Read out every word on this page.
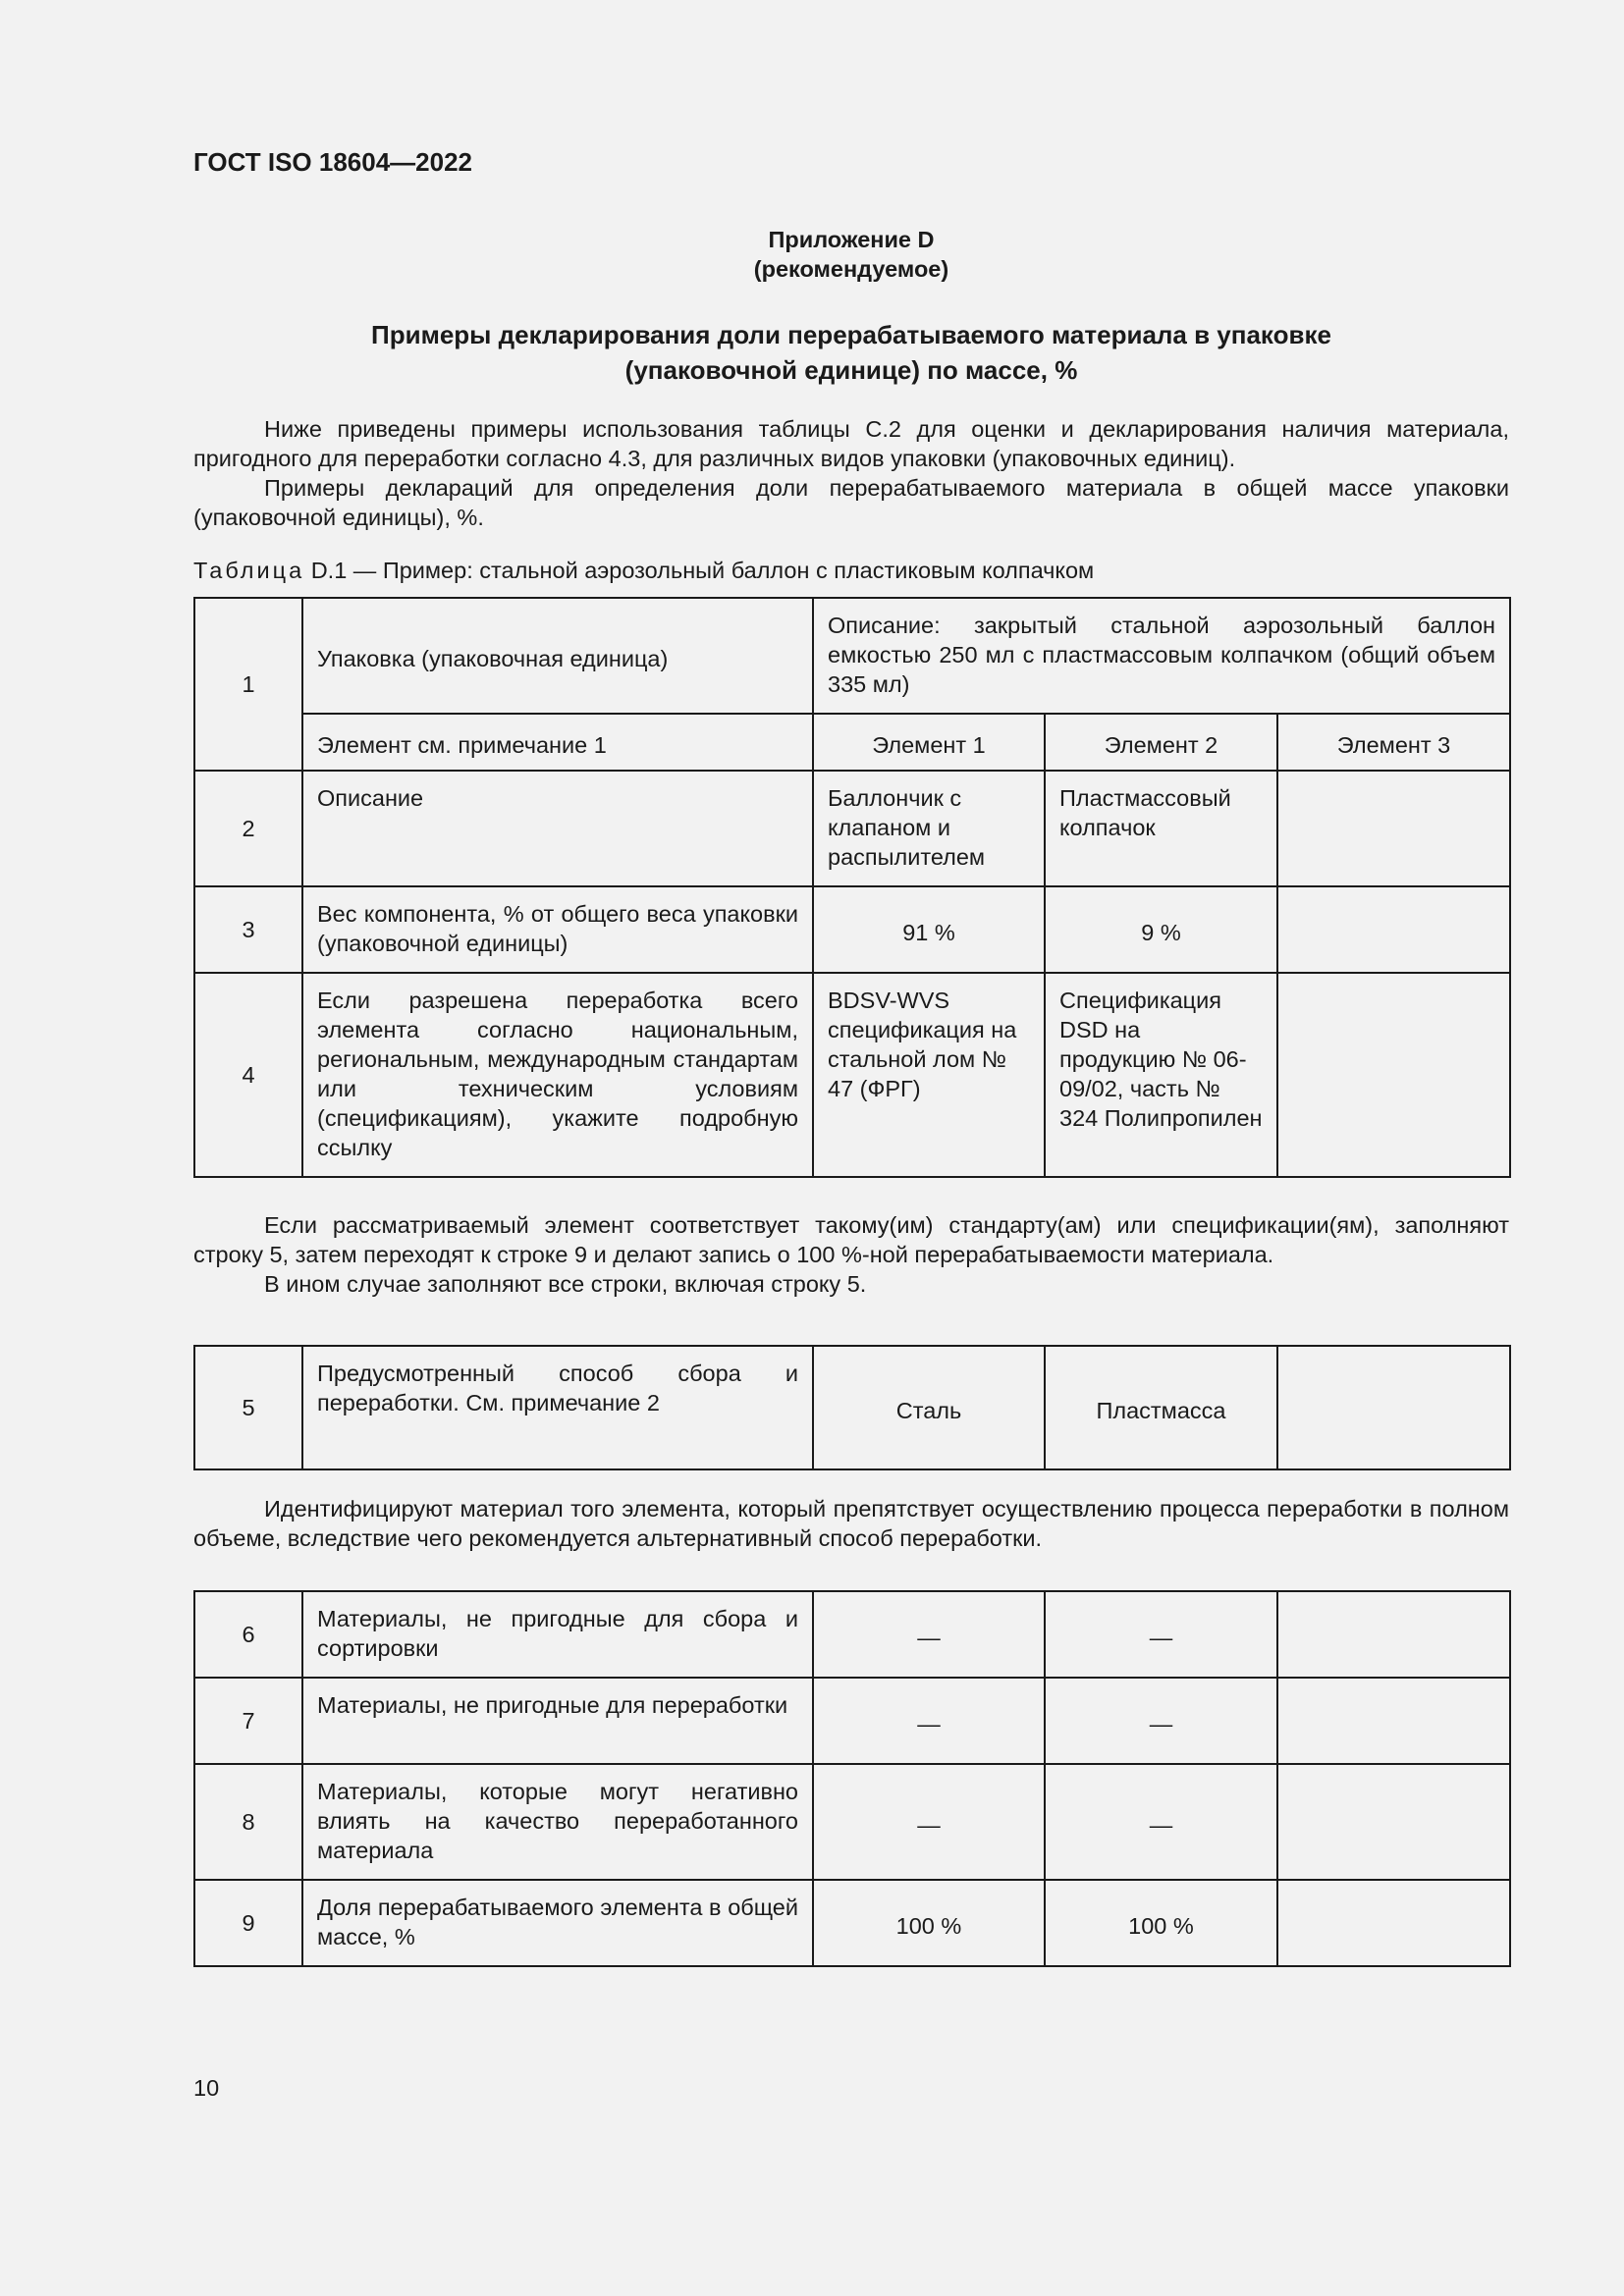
ГОСТ ISO 18604—2022
Приложение D
(рекомендуемое)
Примеры декларирования доли перерабатываемого материала в упаковке
(упаковочной единице) по массе, %

Ниже приведены примеры использования таблицы С.2 для оценки и декларирования наличия материала, пригодного для переработки согласно 4.3, для различных видов упаковки (упаковочных единиц).

Примеры деклараций для определения доли перерабатываемого материала в общей массе упаковки (упаковочной единицы), %.

Таблица D.1 — Пример: стальной аэрозольный баллон с пластиковым колпачком
1	Упаковка (упаковочная единица)	Описание: закрытый стальной аэрозольный баллон емкостью 250 мл с пластмассовым колпачком (общий объем 335 мл)		
	Элемент см. примечание 1	Элемент 1	Элемент 2	Элемент 3
2	Описание	Баллончик с клапаном и распылителем	Пластмассовый колпачок	
3	Вес компонента, % от общего веса упаковки (упаковочной единицы)	91 %	9 %	
4	Если разрешена переработка всего элемента согласно национальным, региональным, международным стандартам или техническим условиям (спецификациям), укажите подробную ссылку	BDSV-WVS спецификация на стальной лом № 47 (ФРГ)	Спецификация DSD на продукцию № 06-09/02, часть № 324 Полипропилен	

Если рассматриваемый элемент соответствует такому(им) стандарту(ам) или спецификации(ям), заполняют строку 5, затем переходят к строке 9 и делают запись о 100 %-ной перерабатываемости материала.

В ином случае заполняют все строки, включая строку 5.

5	Предусмотренный способ сбора и переработки. См. примечание 2	Сталь	Пластмасса	

Идентифицируют материал того элемента, который препятствует осуществлению процесса переработки в полном объеме, вследствие чего рекомендуется альтернативный способ переработки.

6	Материалы, не пригодные для сбора и сортировки	—	—	
7	Материалы, не пригодные для переработки	—	—	
8	Материалы, которые могут негативно влиять на качество переработанного материала	—	—	
9	Доля перерабатываемого элемента в общей массе, %	100 %	100 %	
10
